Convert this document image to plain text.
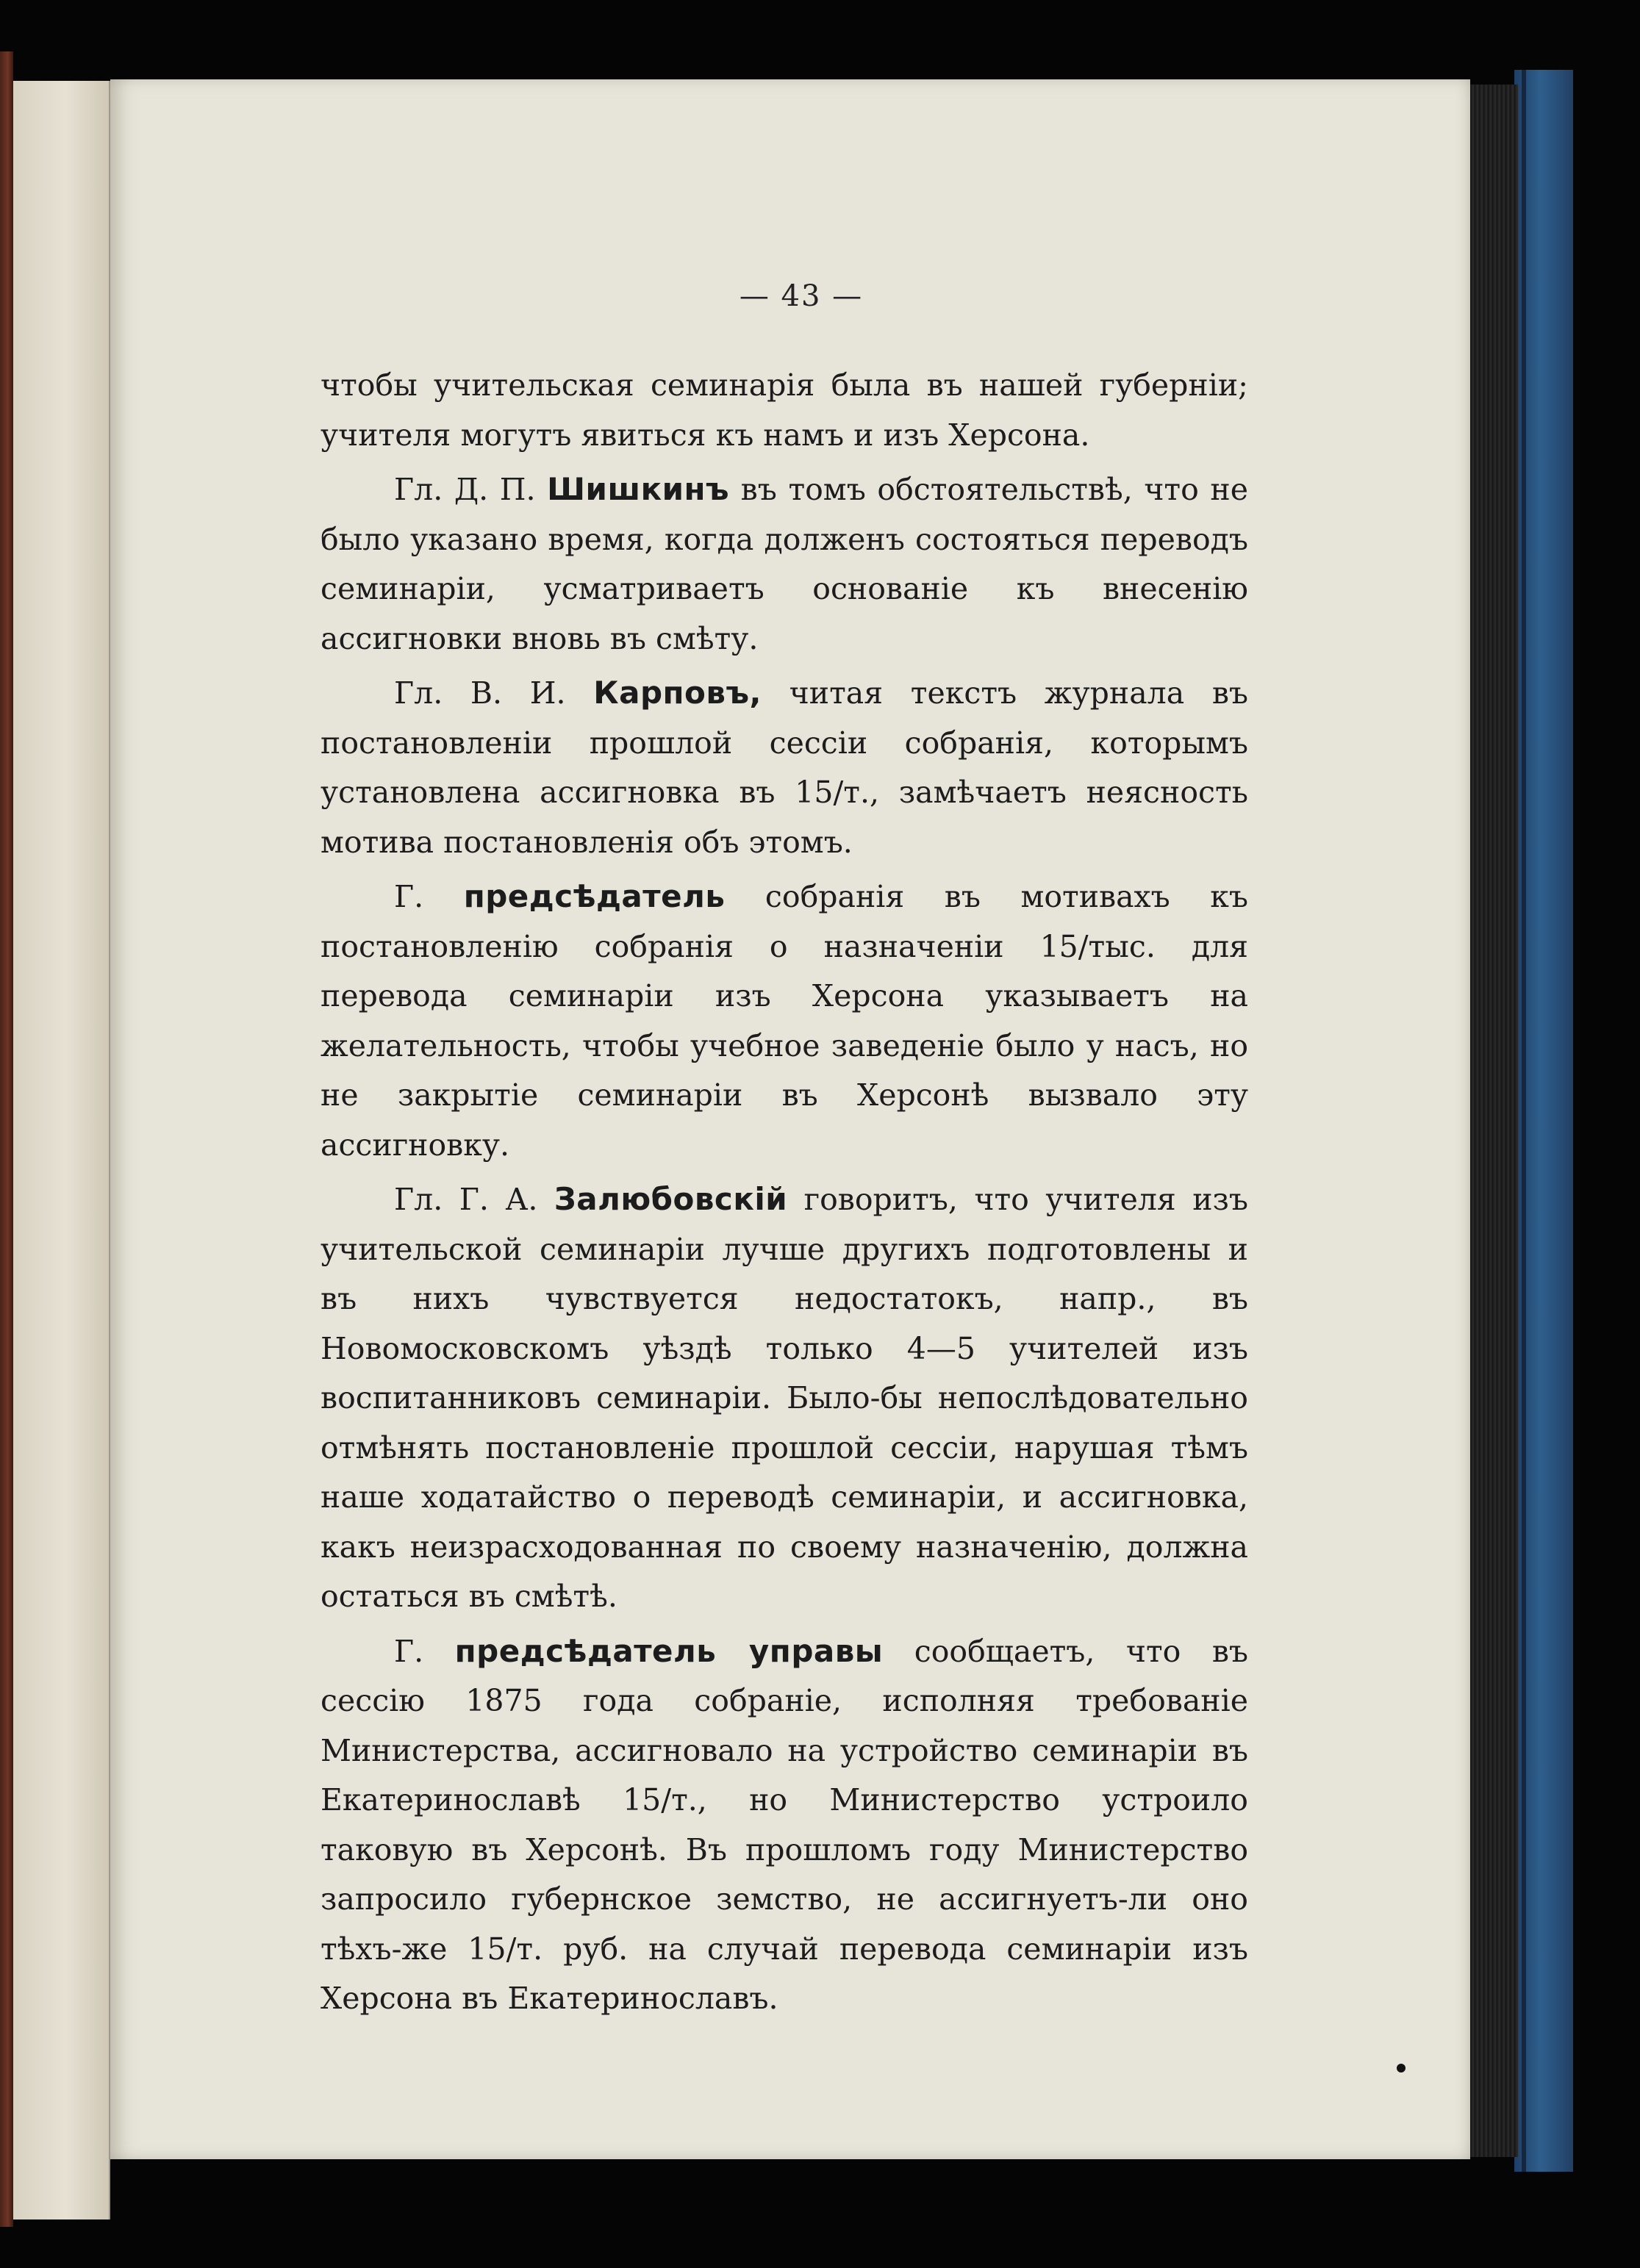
— 43 —

чтобы учительская семинарія была въ нашей губерніи; учителя могутъ явиться къ намъ и изъ Херсона.

Гл. Д. П. Шишкинъ въ томъ обстоятельствѣ, что не было указано время, когда долженъ состояться переводъ семинаріи, усматриваетъ основаніе къ внесенію ассигновки вновь въ смѣту.

Гл. В. И. Карповъ, читая текстъ журнала въ постановленіи прошлой сессіи собранія, которымъ установлена ассигновка въ 15/т., замѣчаетъ неясность мотива постановленія объ этомъ.

Г. предсѣдатель собранія въ мотивахъ къ постановленію собранія о назначеніи 15/тыс. для перевода семинаріи изъ Херсона указываетъ на желательность, чтобы учебное заведеніе было у насъ, но не закрытіе семинаріи въ Херсонѣ вызвало эту ассигновку.

Гл. Г. А. Залюбовскій говоритъ, что учителя изъ учительской семинаріи лучше другихъ подготовлены и въ нихъ чувствуется недостатокъ, напр., въ Новомосковскомъ уѣздѣ только 4—5 учителей изъ воспитанниковъ семинаріи. Было-бы непослѣдовательно отмѣнять постановленіе прошлой сессіи, нарушая тѣмъ наше ходатайство о переводѣ семинаріи, и ассигновка, какъ неизрасходованная по своему назначенію, должна остаться въ смѣтѣ.

Г. предсѣдатель управы сообщаетъ, что въ сессію 1875 года собраніе, исполняя требованіе Министерства, ассигновало на устройство семинаріи въ Екатеринославѣ 15/т., но Министерство устроило таковую въ Херсонѣ. Въ прошломъ году Министерство запросило губернское земство, не ассигнуетъ-ли оно тѣхъ-же 15/т. руб. на случай перевода семинаріи изъ Херсона въ Екатеринославъ.
